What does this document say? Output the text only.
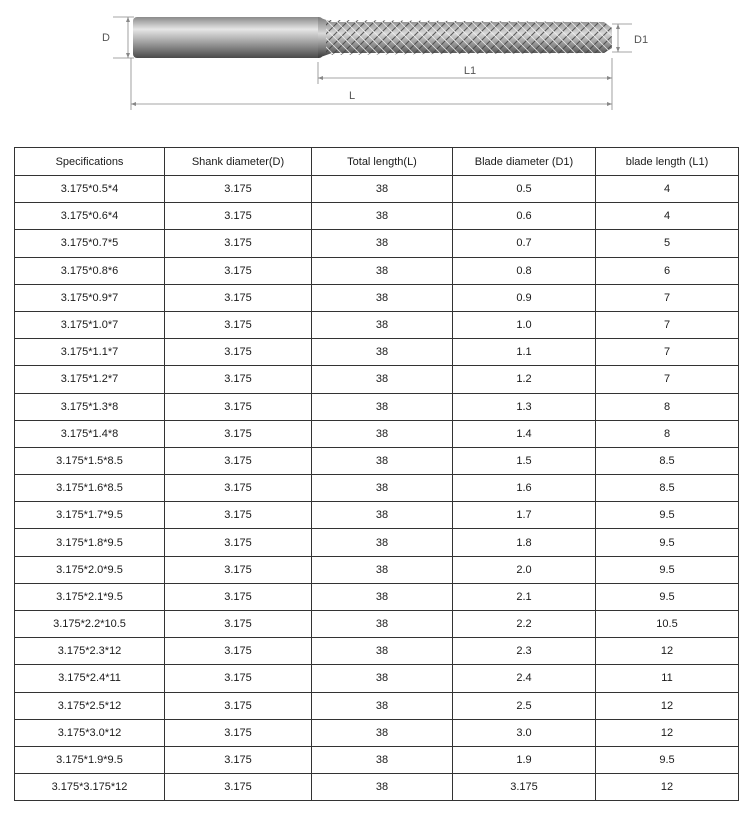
D	D1
L1
L
Specifications	Shank diameter(D)	Total length(L)	Blade diameter (D1)	blade length (L1)
3.175*0.5*4	3.175	38	0.5	4
3.175*0.6*4	3.175	38	0.6	4
3.175*0.7*5	3.175	38	0.7	5
3.175*0.8*6	3.175	38	0.8	6
3.175*0.9*7	3.175	38	0.9	7
3.175*1.0*7	3.175	38	1.0	7
3.175*1.1*7	3.175	38	1.1	7
3.175*1.2*7	3.175	38	1.2	7
3.175*1.3*8	3.175	38	1.3	8
3.175*1.4*8	3.175	38	1.4	8
3.175*1.5*8.5	3.175	38	1.5	8.5
3.175*1.6*8.5	3.175	38	1.6	8.5
3.175*1.7*9.5	3.175	38	1.7	9.5
3.175*1.8*9.5	3.175	38	1.8	9.5
3.175*2.0*9.5	3.175	38	2.0	9.5
3.175*2.1*9.5	3.175	38	2.1	9.5
3.175*2.2*10.5	3.175	38	2.2	10.5
3.175*2.3*12	3.175	38	2.3	12
3.175*2.4*11	3.175	38	2.4	11
3.175*2.5*12	3.175	38	2.5	12
3.175*3.0*12	3.175	38	3.0	12
3.175*1.9*9.5	3.175	38	1.9	9.5
3.175*3.175*12	3.175	38	3.175	12
